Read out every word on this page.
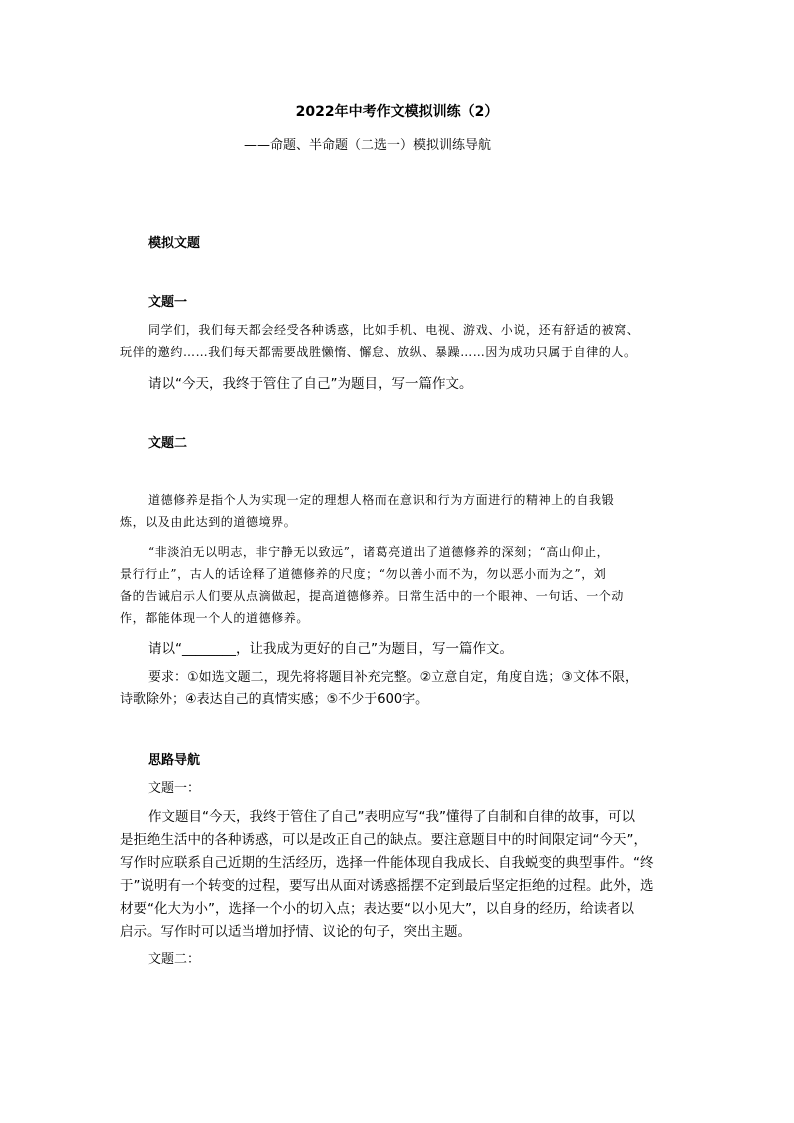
2022年中考作文模拟训练（2）

——命题、半命题（二选一）模拟训练导航

模拟文题

文题一

同学们，我们每天都会经受各种诱惑，比如手机、电视、游戏、小说，还有舒适的被窝、

玩伴的邀约……我们每天都需要战胜懒惰、懈怠、放纵、暴躁……因为成功只属于自律的人。

请以“今天，我终于管住了自己”为题目，写一篇作文。

文题二

道德修养是指个人为实现一定的理想人格而在意识和行为方面进行的精神上的自我锻

炼，以及由此达到的道德境界。

“非淡泊无以明志，非宁静无以致远”，诸葛亮道出了道德修养的深刻；“高山仰止，

景行行止”，古人的话诠释了道德修养的尺度；“勿以善小而不为，勿以恶小而为之”，刘

备的告诫启示人们要从点滴做起，提高道德修养。日常生活中的一个眼神、一句话、一个动

作，都能体现一个人的道德修养。

请以“________，让我成为更好的自己”为题目，写一篇作文。

要求：①如选文题二，现先将将题目补充完整。②立意自定，角度自选；③文体不限，

诗歌除外；④表达自己的真情实感；⑤不少于600字。

思路导航

文题一：

作文题目“今天，我终于管住了自己”表明应写“我”懂得了自制和自律的故事，可以

是拒绝生活中的各种诱惑，可以是改正自己的缺点。要注意题目中的时间限定词“今天”，

写作时应联系自己近期的生活经历，选择一件能体现自我成长、自我蜕变的典型事件。“终

于”说明有一个转变的过程，要写出从面对诱惑摇摆不定到最后坚定拒绝的过程。此外，选

材要“化大为小”，选择一个小的切入点；表达要“以小见大”，以自身的经历，给读者以

启示。写作时可以适当增加抒情、议论的句子，突出主题。

文题二：
